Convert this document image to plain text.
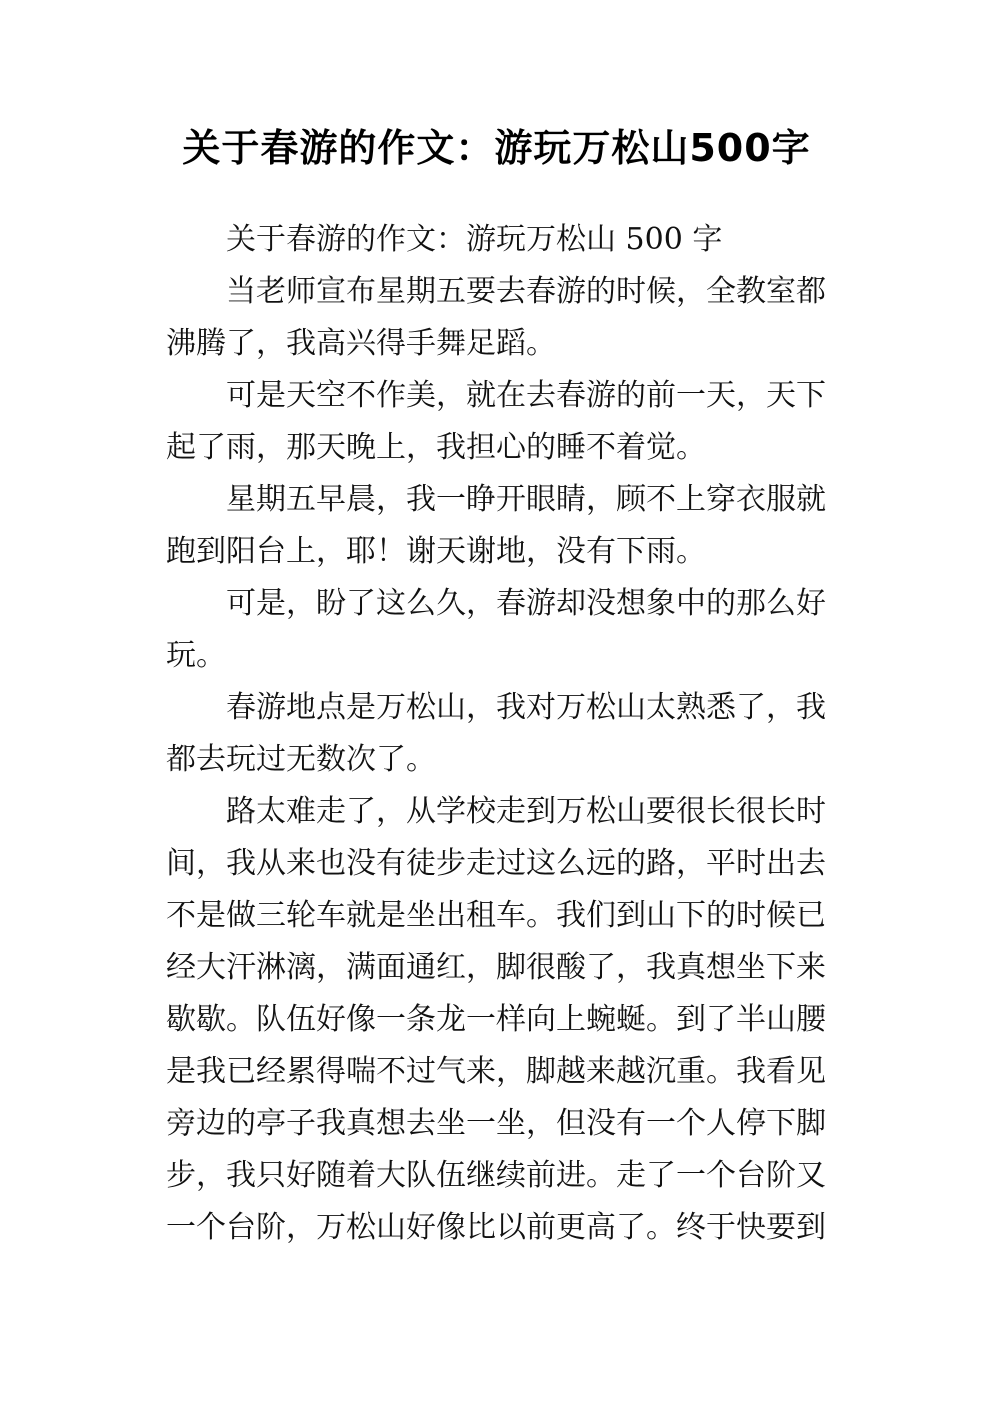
关于春游的作文：游玩万松山500字

关于春游的作文：游玩万松山 500 字

当老师宣布星期五要去春游的时候，全教室都沸腾了，我高兴得手舞足蹈。

可是天空不作美，就在去春游的前一天，天下起了雨，那天晚上，我担心的睡不着觉。

星期五早晨，我一睁开眼睛，顾不上穿衣服就跑到阳台上，耶！谢天谢地，没有下雨。

可是，盼了这么久，春游却没想象中的那么好玩。

春游地点是万松山，我对万松山太熟悉了，我都去玩过无数次了。

路太难走了，从学校走到万松山要很长很长时间，我从来也没有徒步走过这么远的路，平时出去不是做三轮车就是坐出租车。我们到山下的时候已经大汗淋漓，满面通红，脚很酸了，我真想坐下来歇歇。队伍好像一条龙一样向上蜿蜒。到了半山腰是我已经累得喘不过气来，脚越来越沉重。我看见旁边的亭子我真想去坐一坐，但没有一个人停下脚步，我只好随着大队伍继续前进。走了一个台阶又一个台阶，万松山好像比以前更高了。终于快要到
